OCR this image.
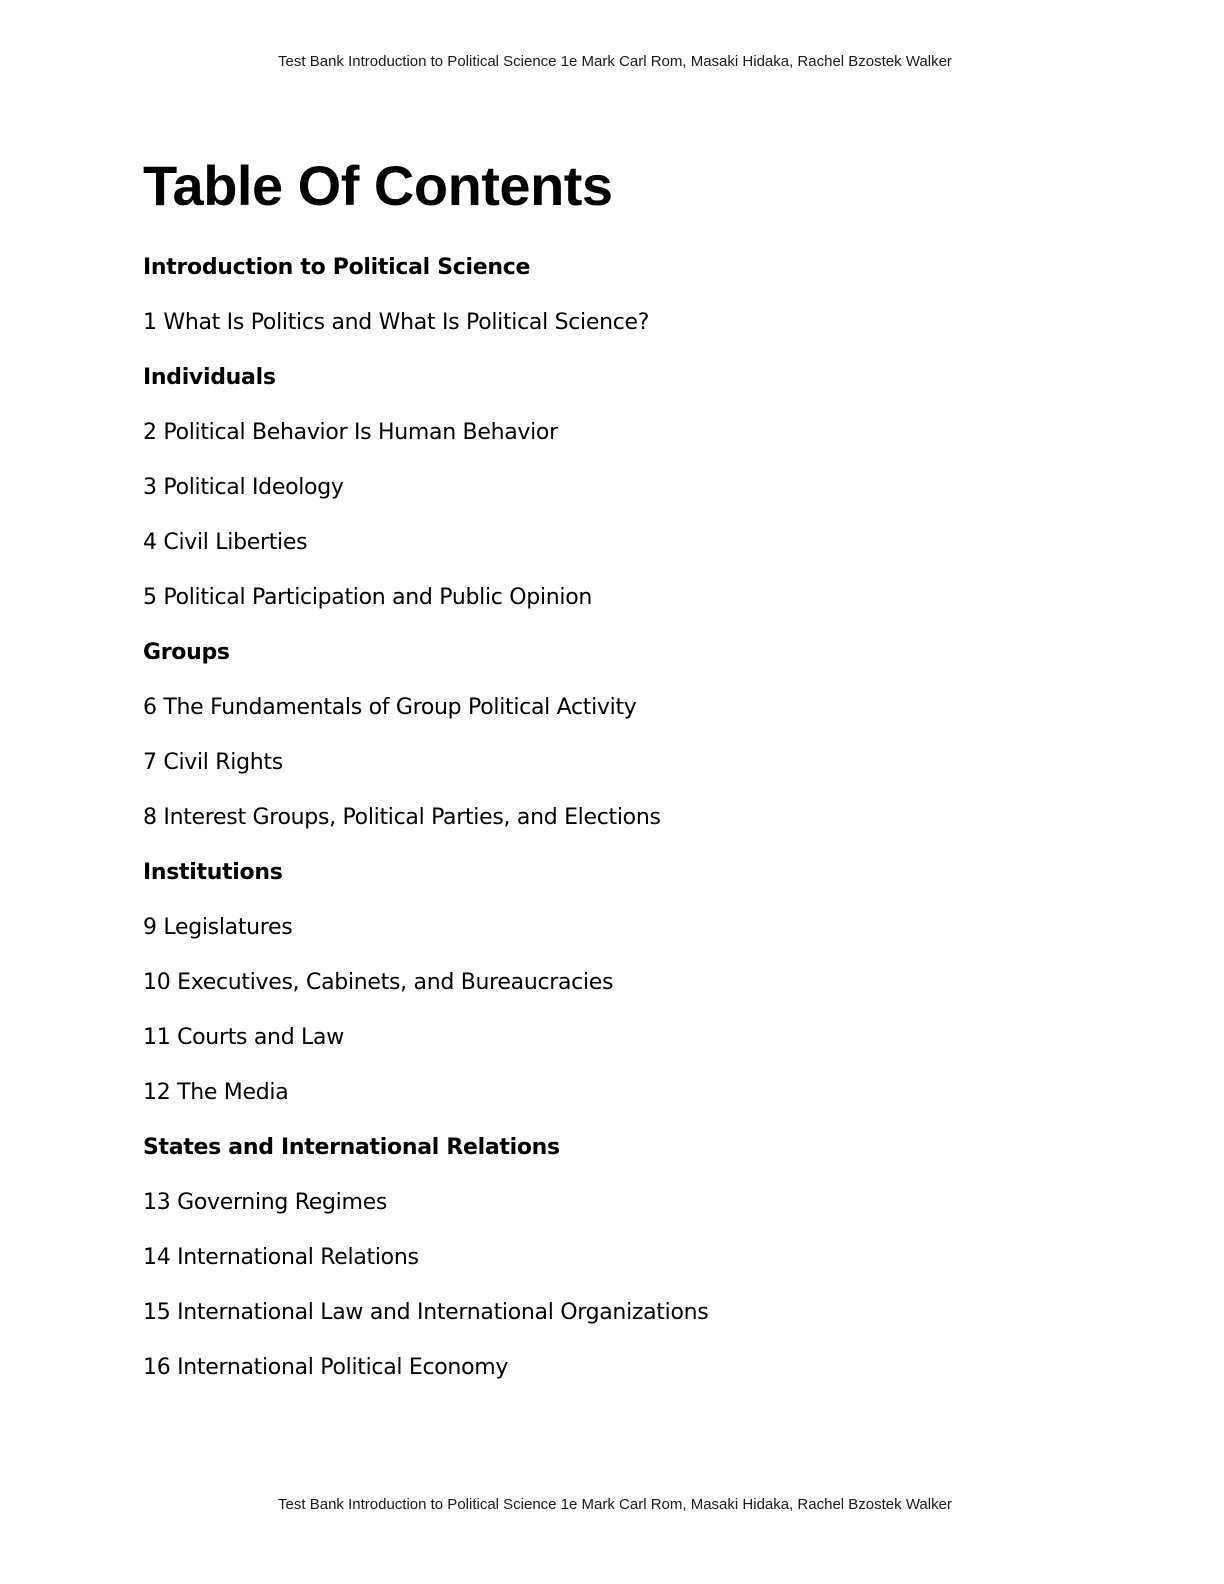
Test Bank Introduction to Political Science 1e Mark Carl Rom, Masaki Hidaka, Rachel Bzostek Walker
Table Of Contents
Introduction to Political Science
1 What Is Politics and What Is Political Science?
Individuals
2 Political Behavior Is Human Behavior
3 Political Ideology
4 Civil Liberties
5 Political Participation and Public Opinion
Groups
6 The Fundamentals of Group Political Activity
7 Civil Rights
8 Interest Groups, Political Parties, and Elections
Institutions
9 Legislatures
10 Executives, Cabinets, and Bureaucracies
11 Courts and Law
12 The Media
States and International Relations
13 Governing Regimes
14 International Relations
15 International Law and International Organizations
16 International Political Economy
Test Bank Introduction to Political Science 1e Mark Carl Rom, Masaki Hidaka, Rachel Bzostek Walker
